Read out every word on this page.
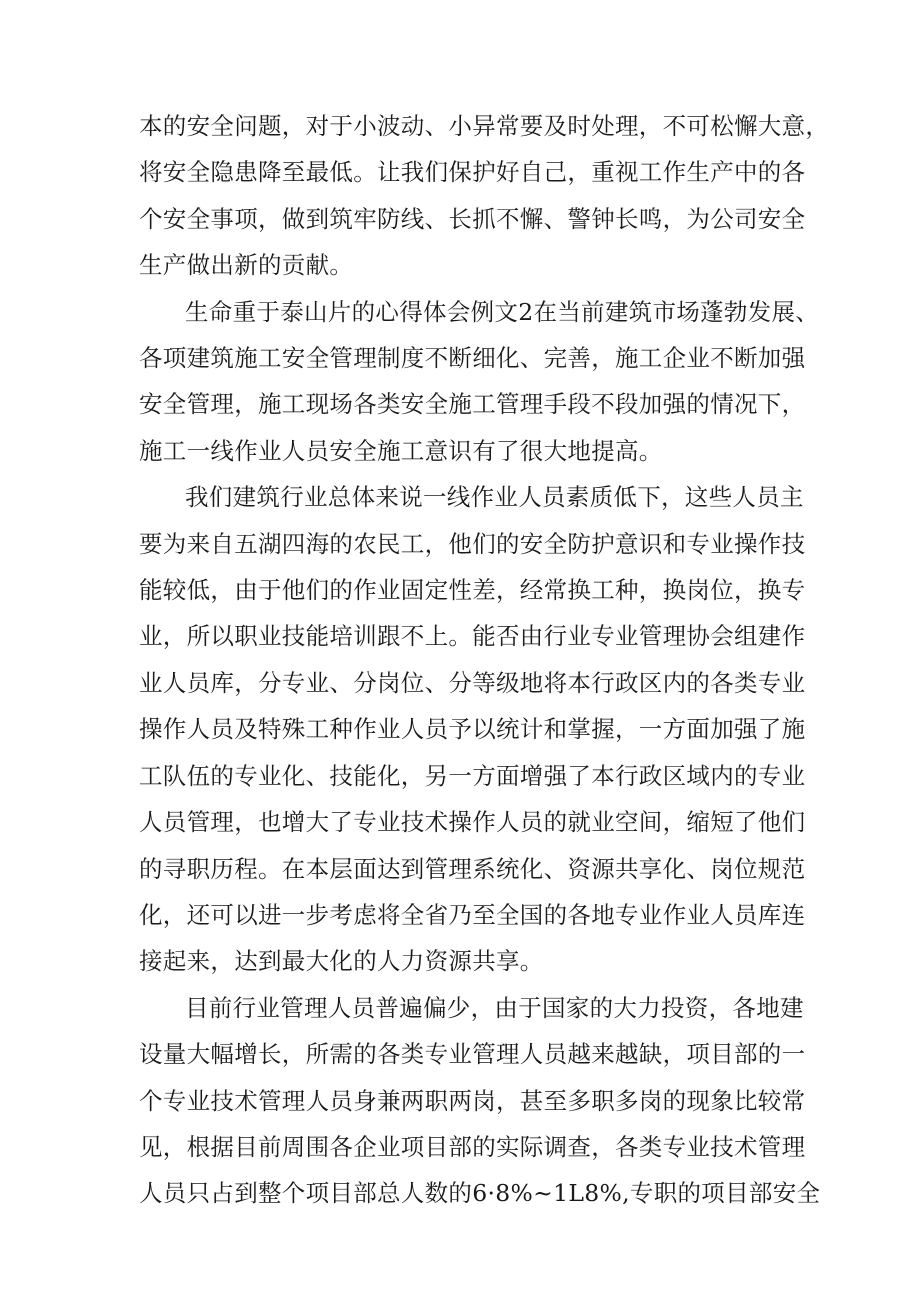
本的安全问题，对于小波动、小异常要及时处理，不可松懈大意，
将安全隐患降至最低。让我们保护好自己，重视工作生产中的各
个安全事项，做到筑牢防线、长抓不懈、警钟长鸣，为公司安全
生产做出新的贡献。

生命重于泰山片的心得体会例文2在当前建筑市场蓬勃发展、
各项建筑施工安全管理制度不断细化、完善，施工企业不断加强
安全管理，施工现场各类安全施工管理手段不段加强的情况下，
施工一线作业人员安全施工意识有了很大地提高。

我们建筑行业总体来说一线作业人员素质低下，这些人员主
要为来自五湖四海的农民工，他们的安全防护意识和专业操作技
能较低，由于他们的作业固定性差，经常换工种，换岗位，换专
业，所以职业技能培训跟不上。能否由行业专业管理协会组建作
业人员库，分专业、分岗位、分等级地将本行政区内的各类专业
操作人员及特殊工种作业人员予以统计和掌握，一方面加强了施
工队伍的专业化、技能化，另一方面增强了本行政区域内的专业
人员管理，也增大了专业技术操作人员的就业空间，缩短了他们
的寻职历程。在本层面达到管理系统化、资源共享化、岗位规范
化，还可以进一步考虑将全省乃至全国的各地专业作业人员库连
接起来，达到最大化的人力资源共享。

目前行业管理人员普遍偏少，由于国家的大力投资，各地建
设量大幅增长，所需的各类专业管理人员越来越缺，项目部的一
个专业技术管理人员身兼两职两岗，甚至多职多岗的现象比较常
见，根据目前周围各企业项目部的实际调查，各类专业技术管理
人员只占到整个项目部总人数的6·8%~1L8%,专职的项目部安全
